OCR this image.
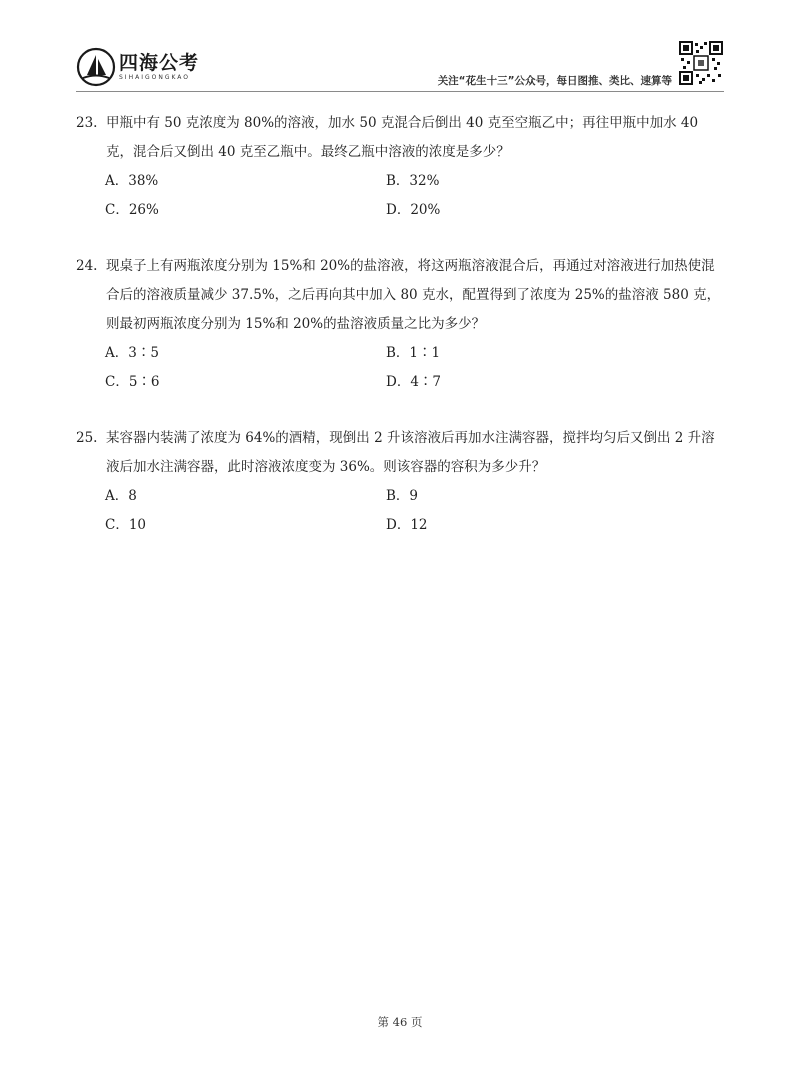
四海公考
SIHAIGONGKAO	关注“花生十三”公众号，每日图推、类比、速算等
23. 甲瓶中有 50 克浓度为 80%的溶液，加水 50 克混合后倒出 40 克至空瓶乙中；再往甲瓶中加水 40 克，混合后又倒出 40 克至乙瓶中。最终乙瓶中溶液的浓度是多少？
A．38%	B．32%
C．26%	D．20%
24. 现桌子上有两瓶浓度分别为 15%和 20%的盐溶液，将这两瓶溶液混合后，再通过对溶液进行加热使混合后的溶液质量减少 37.5%，之后再向其中加入 80 克水，配置得到了浓度为 25%的盐溶液 580 克，则最初两瓶浓度分别为 15%和 20%的盐溶液质量之比为多少？
A．3∶5	B．1∶1
C．5∶6	D．4∶7
25. 某容器内装满了浓度为 64%的酒精，现倒出 2 升该溶液后再加水注满容器，搅拌均匀后又倒出 2 升溶液后加水注满容器，此时溶液浓度变为 36%。则该容器的容积为多少升？
A．8	B．9
C．10	D．12
第 46 页
